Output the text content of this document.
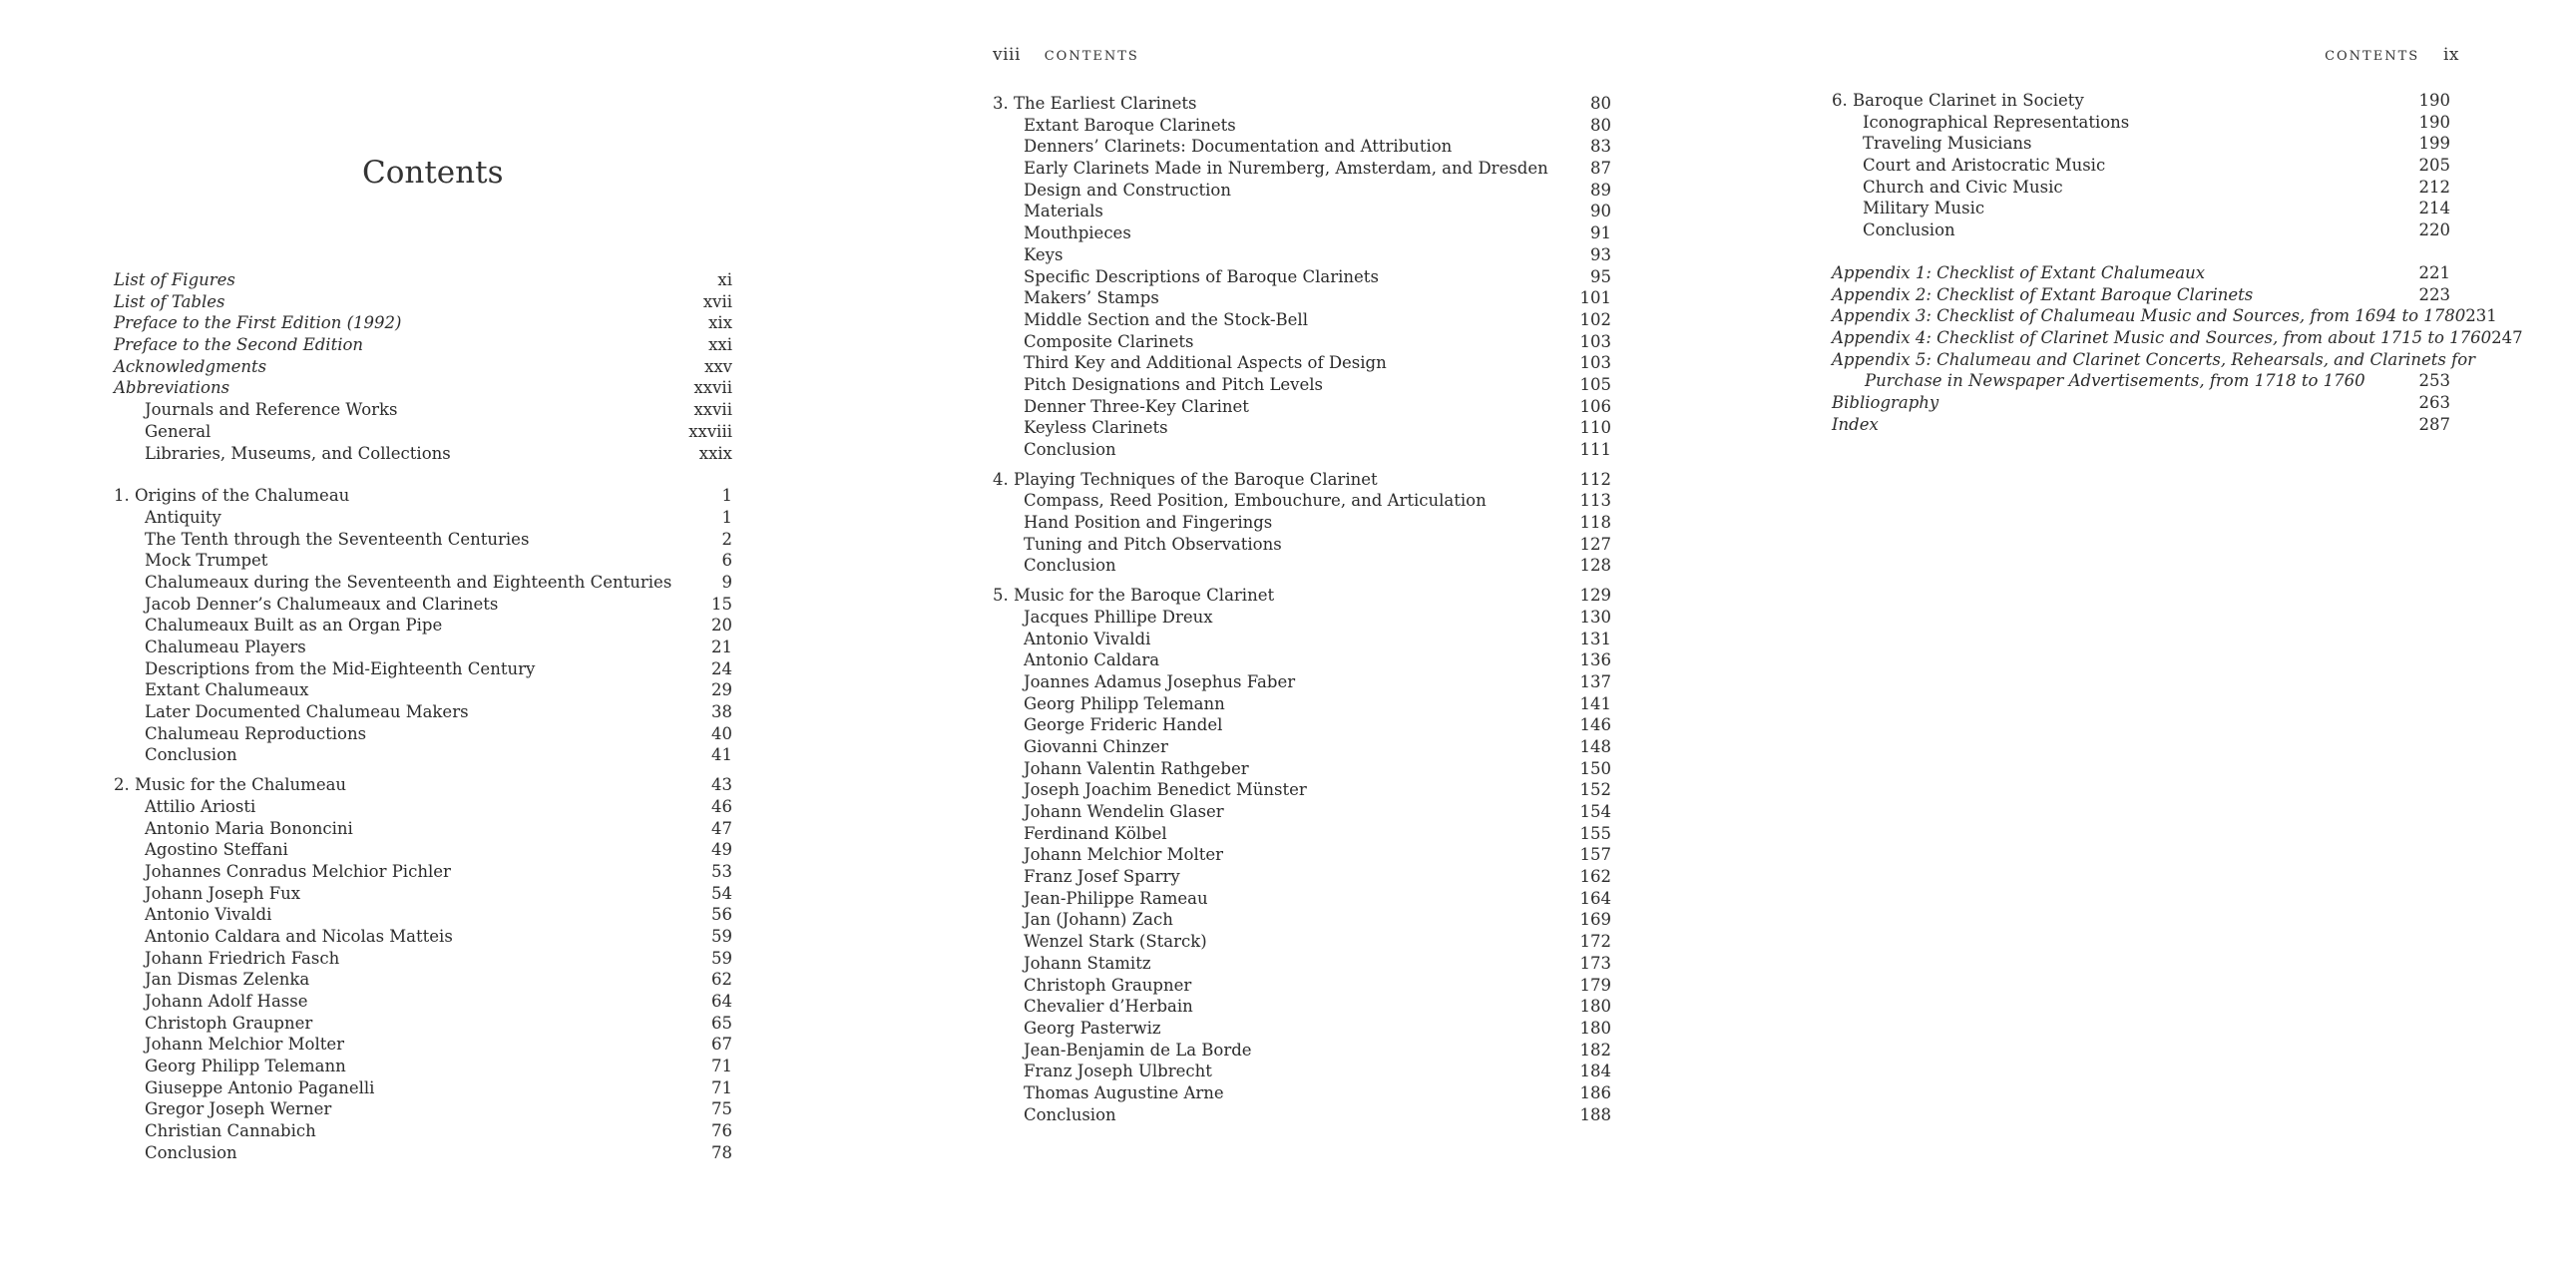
Contents
List of Figures	xi
List of Tables	xvii
Preface to the First Edition (1992)	xix
Preface to the Second Edition	xxi
Acknowledgments	xxv
Abbreviations	xxvii
Journals and Reference Works	xxvii
General	xxviii
Libraries, Museums, and Collections	xxix
1. Origins of the Chalumeau	1
Antiquity	1
The Tenth through the Seventeenth Centuries	2
Mock Trumpet	6
Chalumeaux during the Seventeenth and Eighteenth Centuries	9
Jacob Denner’s Chalumeaux and Clarinets	15
Chalumeaux Built as an Organ Pipe	20
Chalumeau Players	21
Descriptions from the Mid-Eighteenth Century	24
Extant Chalumeaux	29
Later Documented Chalumeau Makers	38
Chalumeau Reproductions	40
Conclusion	41
2. Music for the Chalumeau	43
Attilio Ariosti	46
Antonio Maria Bononcini	47
Agostino Steffani	49
Johannes Conradus Melchior Pichler	53
Johann Joseph Fux	54
Antonio Vivaldi	56
Antonio Caldara and Nicolas Matteis	59
Johann Friedrich Fasch	59
Jan Dismas Zelenka	62
Johann Adolf Hasse	64
Christoph Graupner	65
Johann Melchior Molter	67
Georg Philipp Telemann	71
Giuseppe Antonio Paganelli	71
Gregor Joseph Werner	75
Christian Cannabich	76
Conclusion	78
viii CONTENTS
3. The Earliest Clarinets	80
Extant Baroque Clarinets	80
Denners’ Clarinets: Documentation and Attribution	83
Early Clarinets Made in Nuremberg, Amsterdam, and Dresden	87
Design and Construction	89
Materials	90
Mouthpieces	91
Keys	93
Specific Descriptions of Baroque Clarinets	95
Makers’ Stamps	101
Middle Section and the Stock-Bell	102
Composite Clarinets	103
Third Key and Additional Aspects of Design	103
Pitch Designations and Pitch Levels	105
Denner Three-Key Clarinet	106
Keyless Clarinets	110
Conclusion	111
4. Playing Techniques of the Baroque Clarinet	112
Compass, Reed Position, Embouchure, and Articulation	113
Hand Position and Fingerings	118
Tuning and Pitch Observations	127
Conclusion	128
5. Music for the Baroque Clarinet	129
Jacques Phillipe Dreux	130
Antonio Vivaldi	131
Antonio Caldara	136
Joannes Adamus Josephus Faber	137
Georg Philipp Telemann	141
George Frideric Handel	146
Giovanni Chinzer	148
Johann Valentin Rathgeber	150
Joseph Joachim Benedict Münster	152
Johann Wendelin Glaser	154
Ferdinand Kölbel	155
Johann Melchior Molter	157
Franz Josef Sparry	162
Jean-Philippe Rameau	164
Jan (Johann) Zach	169
Wenzel Stark (Starck)	172
Johann Stamitz	173
Christoph Graupner	179
Chevalier d’Herbain	180
Georg Pasterwiz	180
Jean-Benjamin de La Borde	182
Franz Joseph Ulbrecht	184
Thomas Augustine Arne	186
Conclusion	188
CONTENTS ix
6. Baroque Clarinet in Society	190
Iconographical Representations	190
Traveling Musicians	199
Court and Aristocratic Music	205
Church and Civic Music	212
Military Music	214
Conclusion	220
Appendix 1: Checklist of Extant Chalumeaux	221
Appendix 2: Checklist of Extant Baroque Clarinets	223
Appendix 3: Checklist of Chalumeau Music and Sources, from 1694 to 1780 231
Appendix 4: Checklist of Clarinet Music and Sources, from about 1715 to 1760 247
Appendix 5: Chalumeau and Clarinet Concerts, Rehearsals, and Clarinets for
Purchase in Newspaper Advertisements, from 1718 to 1760	253
Bibliography	263
Index	287
